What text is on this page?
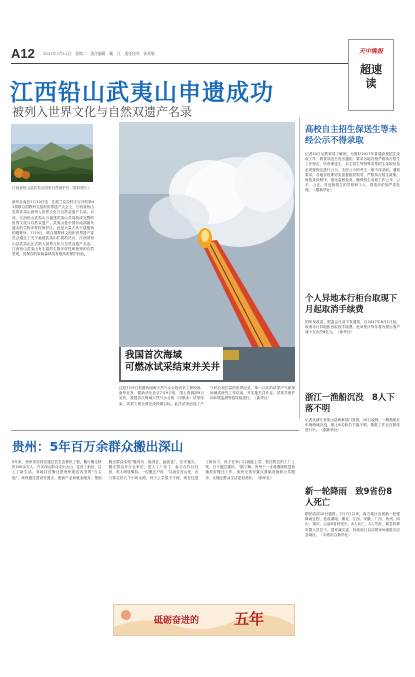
A12 2017年7月11日　星期二　责任编辑　戴　江　责任校对　孙亚敏	天中晚报
超速读
江西铅山武夷山申遗成功
被列入世界文化与自然双遗产名录
江西省铅山县武夷山国家自然保护区（资料图片）
新华社南昌7月10日电　在波兰克拉科夫召开的第41届联合国教科文组织世界遗产大会上，江西省铅山县的武夷山被列入世界文化与自然双遗产名录。目前，江西铅山武夷山与福建武夷山共同构成完整的世界文化与自然双遗产。武夷山是中国东南部最负盛名的生物多样性保护区，也是大量古代孑遗植物的避难所。7月9日，联合国教科文组织世界遗产委员会通过了关于福建武夷山扩展的决议，江西省铅山县武夷山正式纳入世界文化与自然双遗产名录。江西铅山武夷山有丰富的生物多样性和独特的自然景观，其保存的原始森林具有极高的保护价值。
我国首次海域
可燃冰试采结束并关井
这是7月9日拍摄的南海天然气水合物试采工程现场。　新华社发　据新华社北京7月9日电　国土资源部9日宣布，我国首次海域天然气水合物（可燃冰）试采结束，试采工程全面完成预期目标。此次试采创造了产气时长和总量的世界纪录，第一口井的试采产气和现场测试研究工作结束，并实施关井作业。试采井保护和环境监测等将持续进行。（新华社）
高校自主招生保送生等未经公示不得录取
记者10日从教育部了解到，为做好2017年普通高校招生录取工作，教育部近日发出通知，要求各地各校严格执行招生工作规定，所有保送生、自主招生等特殊类型招生录取信息必须按规定进行公示，未经公示的考生一律不得录取。通知要求，各地各校要切实加强组织领导，严格执行招生政策，规范录取程序，强化监督检查，确保招生录取工作公开、公平、公正。对违规招生的学校和个人，将依法依规严肃处理。（据新华社）
个人异地本行柜台取现下月起取消手续费
国家发改委、银监会日前下发通知，自2017年8月1日起，取消本行异地柜台取现手续费。此举预计每年将为银行客户减少支出约8亿元。（新华社）
浙江一渔船沉没　8人下落不明
记者从浙江省象山县海事部门获悉，10日凌晨，一艘渔船在东海海域沉没，船上8名船员下落不明，搜救工作正在紧张进行中。（据新华社）
新一轮降雨　致9省份8人死亡
据民政部10日通报，7月7日以来，南方地区出现新一轮强降雨过程，造成湖南、湖北、江西、安徽、广西、贵州、四川、重庆、云南9省份受灾，8人死亡，3人失踪，紧急转移安置人员若干。国家减灾委、民政部已启动国家Ⅳ级救灾应急响应。（本报综合新华社）
贵州：5年百万余群众搬出深山
5年来，贵州省坚持实施扶贫生态移民工程，累计搬迁移民100余万人，许多深山群众走出大山，住进了新房，过上了新生活。易地扶贫搬迁是贵州脱贫攻坚的“当头炮”，贵州通过建设安置点、配套产业和就业服务，帮助搬迁群众实现“搬得出、稳得住、能致富”。在安置点，搬迁群众开办农家乐、进入工厂务工、参与合作社经营，收入明显增加。一位搬迁户说：“以前住在山里，出门要走好几个小时山路，孩子上学很不方便。现在住进了新房子，孩子在家门口就能上学，我在附近的工厂上班，日子越过越好。”据了解，贵州下一步将继续推进易地扶贫搬迁工作，加快完善安置点基础设施和公共服务，让搬迁群众生活更加美好。（新华社）
砥砺奋进的 五年
